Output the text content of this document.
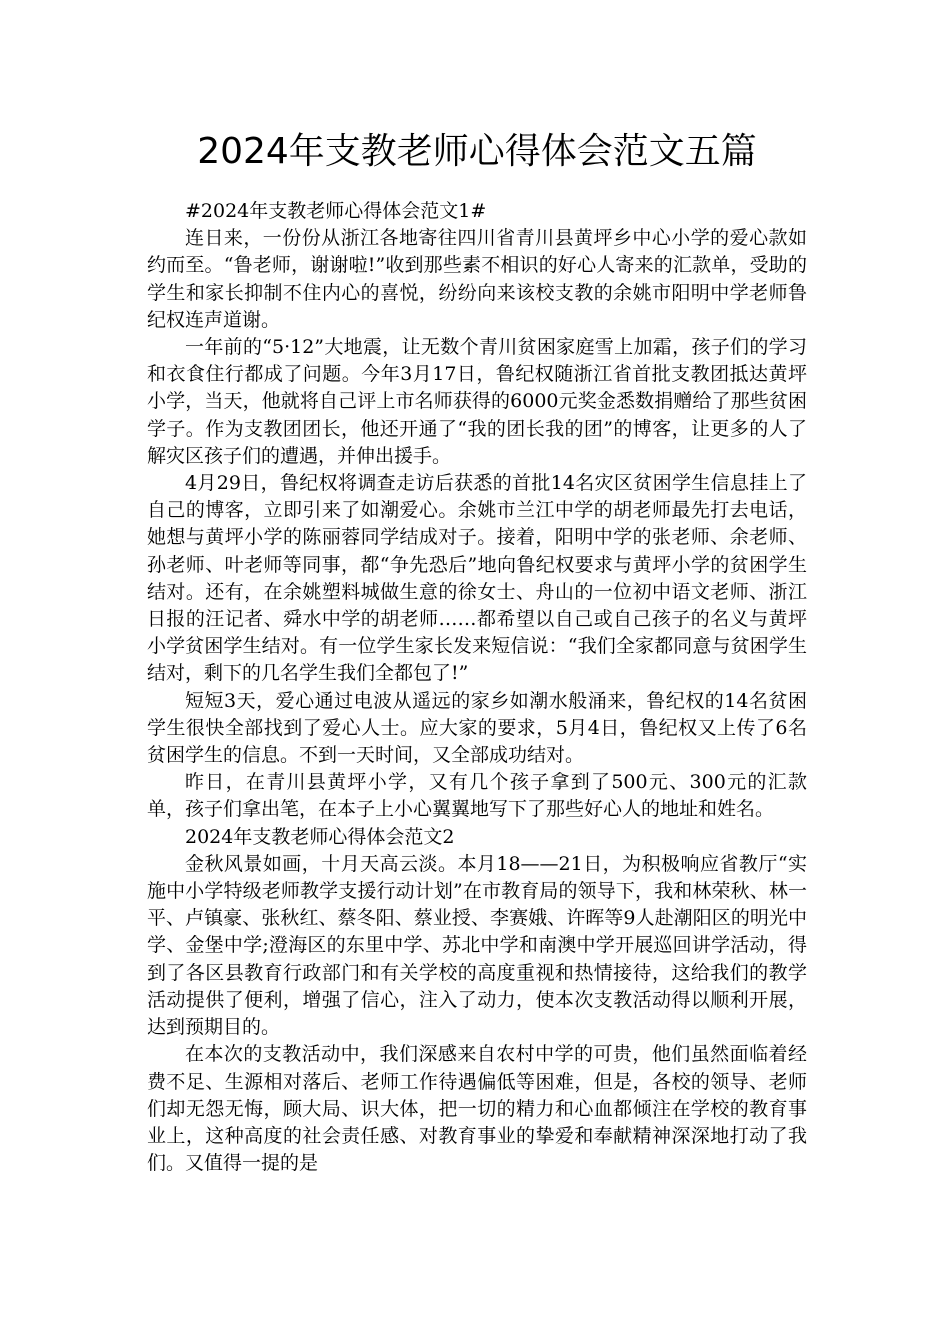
2024年支教老师心得体会范文五篇

#2024年支教老师心得体会范文1#

连日来，一份份从浙江各地寄往四川省青川县黄坪乡中心小学的爱心款如约而至。“鲁老师，谢谢啦!”收到那些素不相识的好心人寄来的汇款单，受助的学生和家长抑制不住内心的喜悦，纷纷向来该校支教的余姚市阳明中学老师鲁纪权连声道谢。

一年前的“5·12”大地震，让无数个青川贫困家庭雪上加霜，孩子们的学习和衣食住行都成了问题。今年3月17日，鲁纪权随浙江省首批支教团抵达黄坪小学，当天，他就将自己评上市名师获得的6000元奖金悉数捐赠给了那些贫困学子。作为支教团团长，他还开通了“我的团长我的团”的博客，让更多的人了解灾区孩子们的遭遇，并伸出援手。

4月29日，鲁纪权将调查走访后获悉的首批14名灾区贫困学生信息挂上了自己的博客，立即引来了如潮爱心。余姚市兰江中学的胡老师最先打去电话，她想与黄坪小学的陈丽蓉同学结成对子。接着，阳明中学的张老师、余老师、孙老师、叶老师等同事，都“争先恐后”地向鲁纪权要求与黄坪小学的贫困学生结对。还有，在余姚塑料城做生意的徐女士、舟山的一位初中语文老师、浙江日报的汪记者、舜水中学的胡老师……都希望以自己或自己孩子的名义与黄坪小学贫困学生结对。有一位学生家长发来短信说：“我们全家都同意与贫困学生结对，剩下的几名学生我们全都包了!”

短短3天，爱心通过电波从遥远的家乡如潮水般涌来，鲁纪权的14名贫困学生很快全部找到了爱心人士。应大家的要求，5月4日，鲁纪权又上传了6名贫困学生的信息。不到一天时间，又全部成功结对。

昨日，在青川县黄坪小学，又有几个孩子拿到了500元、300元的汇款单，孩子们拿出笔，在本子上小心翼翼地写下了那些好心人的地址和姓名。

2024年支教老师心得体会范文2

金秋风景如画，十月天高云淡。本月18——21日，为积极响应省教厅“实施中小学特级老师教学支援行动计划”在市教育局的领导下，我和林荣秋、林一平、卢镇豪、张秋红、蔡冬阳、蔡业授、李赛娥、许晖等9人赴潮阳区的明光中学、金堡中学;澄海区的东里中学、苏北中学和南澳中学开展巡回讲学活动，得到了各区县教育行政部门和有关学校的高度重视和热情接待，这给我们的教学活动提供了便利，增强了信心，注入了动力，使本次支教活动得以顺利开展，达到预期目的。

在本次的支教活动中，我们深感来自农村中学的可贵，他们虽然面临着经费不足、生源相对落后、老师工作待遇偏低等困难，但是，各校的领导、老师们却无怨无悔，顾大局、识大体，把一切的精力和心血都倾注在学校的教育事业上，这种高度的社会责任感、对教育事业的挚爱和奉献精神深深地打动了我们。又值得一提的是
